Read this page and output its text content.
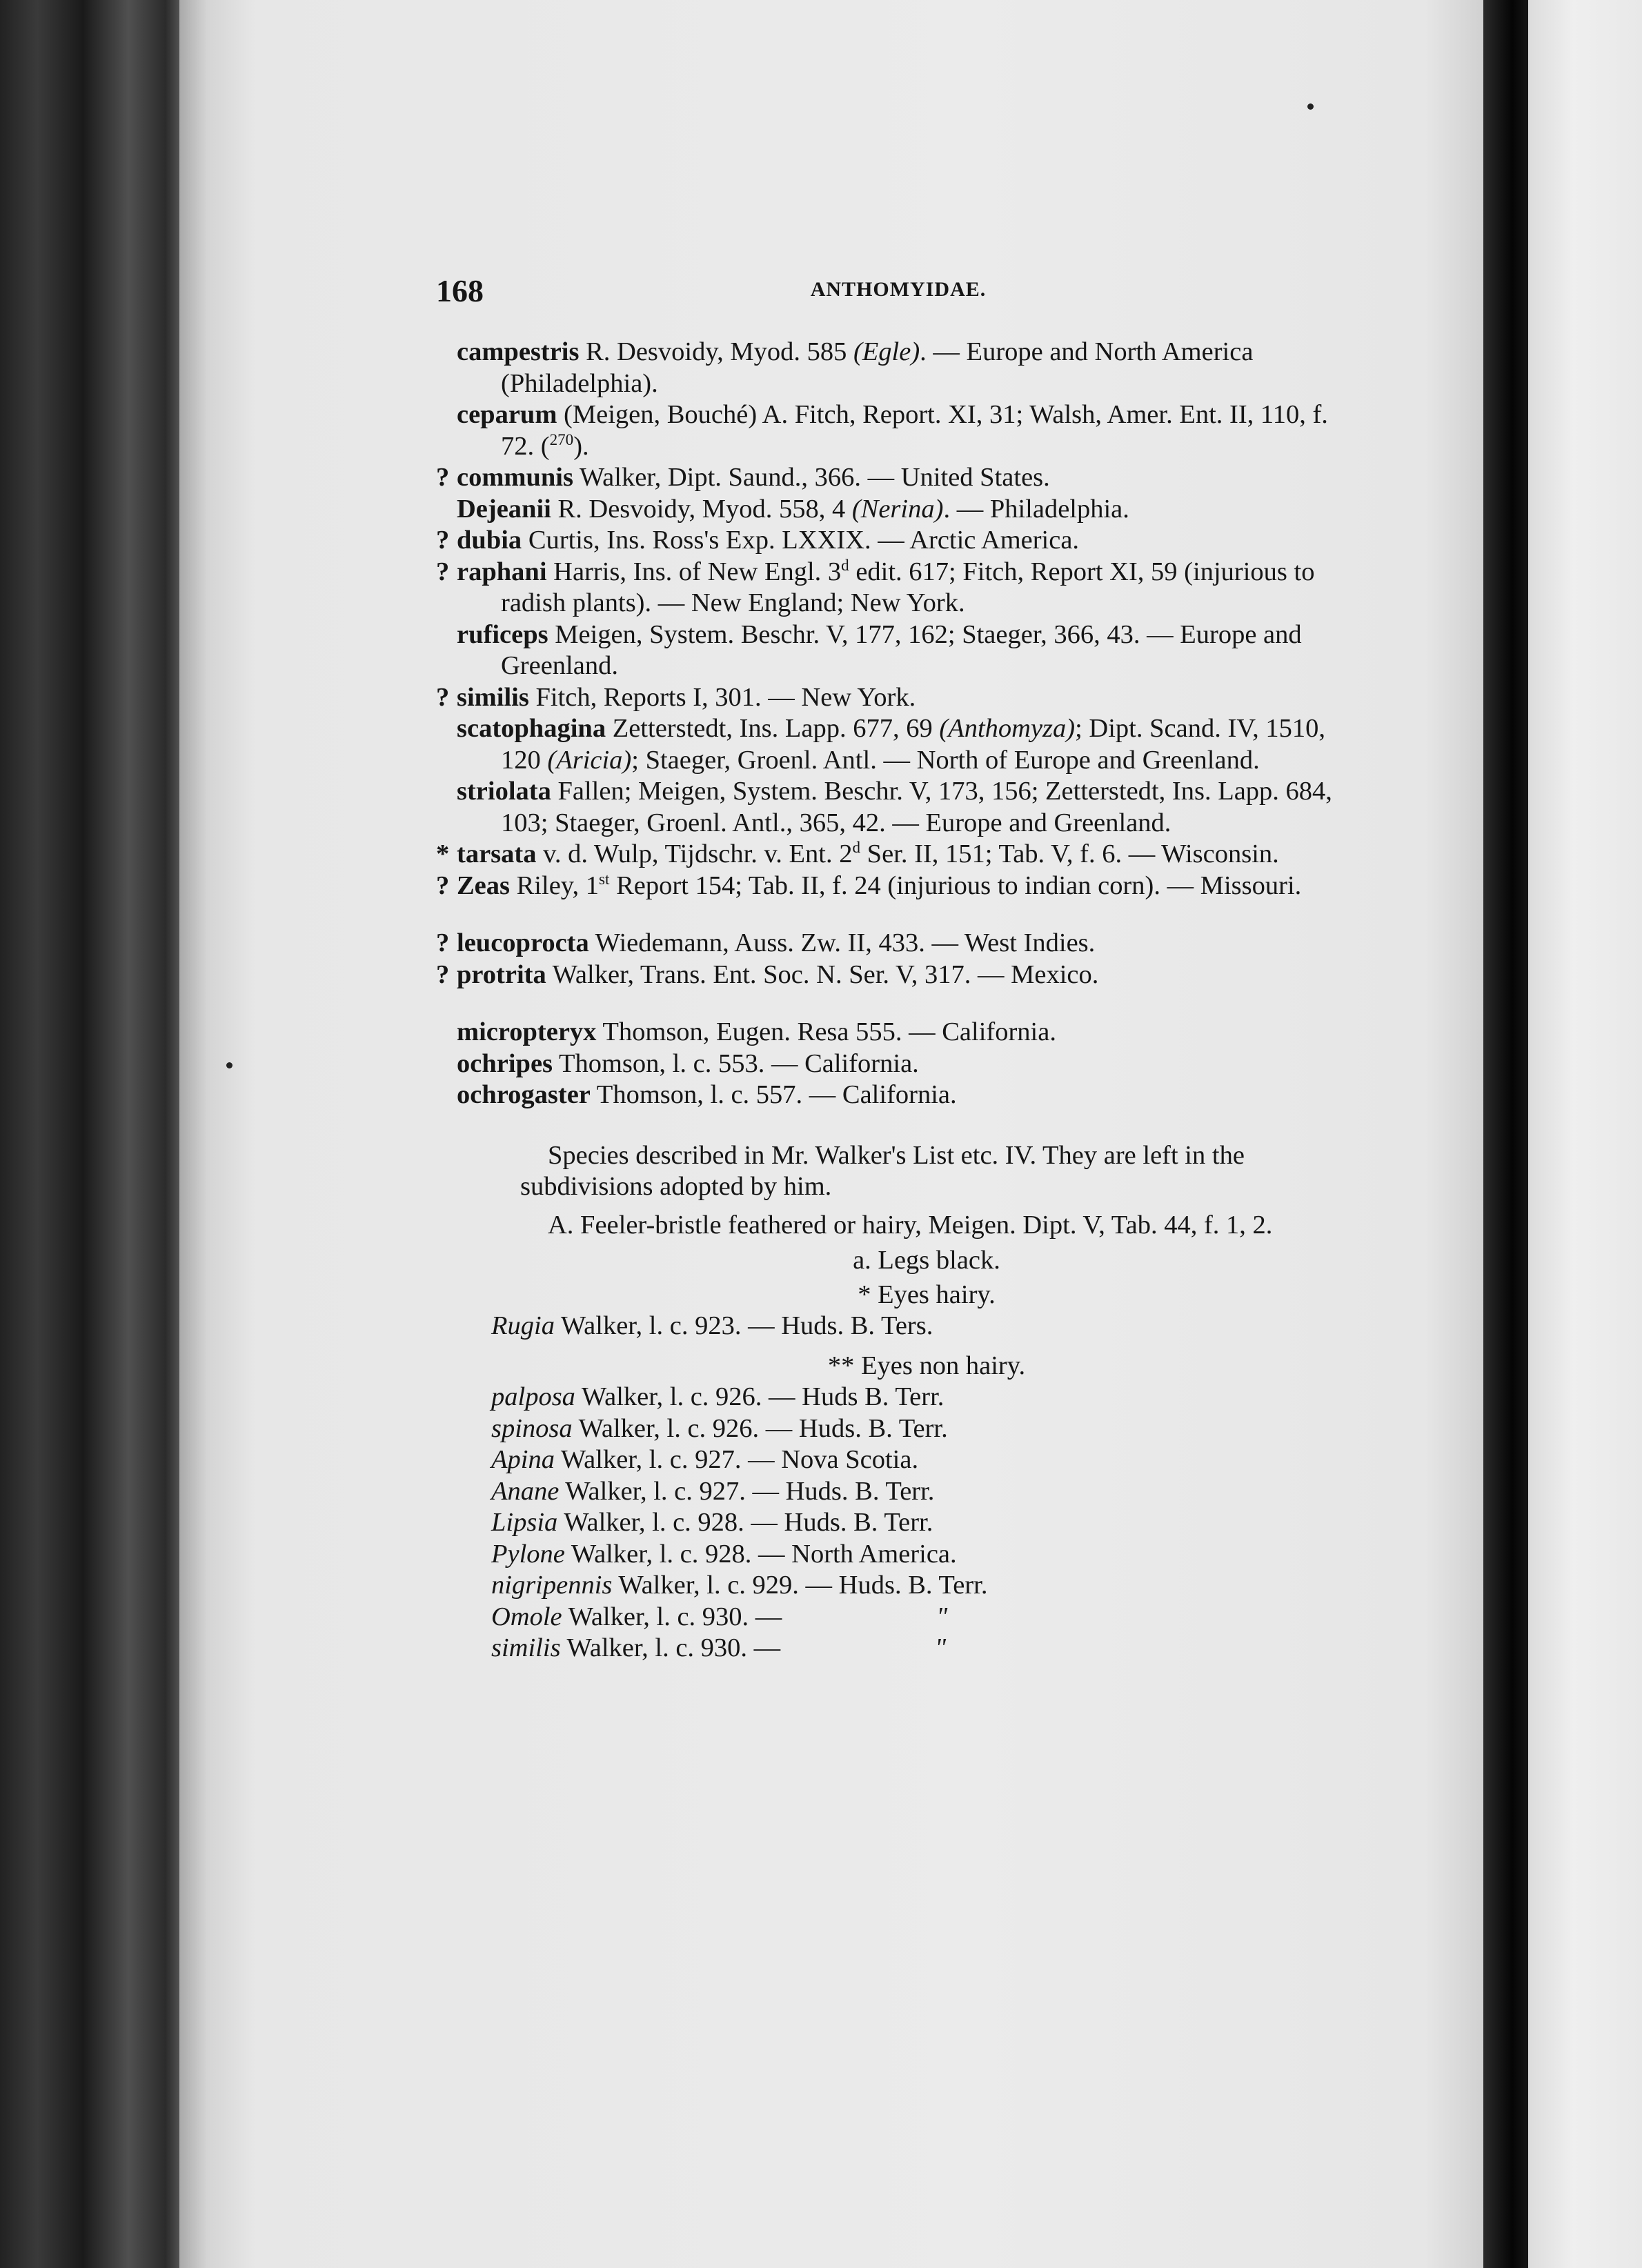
168	ANTHOMYIDAE.
campestris R. Desvoidy, Myod. 585 (Egle). — Europe and North America (Philadelphia).
ceparum (Meigen, Bouché) A. Fitch, Report. XI, 31; Walsh, Amer. Ent. II, 110, f. 72. ($^{270}$).
? communis Walker, Dipt. Saund., 366. — United States.
Dejeanii R. Desvoidy, Myod. 558, 4 (Nerina). — Philadelphia.
? dubia Curtis, Ins. Ross's Exp. LXXIX. — Arctic America.
? raphani Harris, Ins. of New Engl. 3$^d$ edit. 617; Fitch, Report XI, 59 (injurious to radish plants). — New England; New York.
ruficeps Meigen, System. Beschr. V, 177, 162; Staeger, 366, 43. — Europe and Greenland.
? similis Fitch, Reports I, 301. — New York.
scatophagina Zetterstedt, Ins. Lapp. 677, 69 (Anthomyza); Dipt. Scand. IV, 1510, 120 (Aricia); Staeger, Groenl. Antl. — North of Europe and Greenland.
striolata Fallen; Meigen, System. Beschr. V, 173, 156; Zetterstedt, Ins. Lapp. 684, 103; Staeger, Groenl. Antl., 365, 42. — Europe and Greenland.
* tarsata v. d. Wulp, Tijdschr. v. Ent. 2$^d$ Ser. II, 151; Tab. V, f. 6. — Wisconsin.
? Zeas Riley, 1st Report 154; Tab. II, f. 24 (injurious to indian corn). — Missouri.
? leucoprocta Wiedemann, Auss. Zw. II, 433. — West Indies.
? protrita Walker, Trans. Ent. Soc. N. Ser. V, 317. — Mexico.
micropteryx Thomson, Eugen. Resa 555. — California.
ochripes Thomson, l. c. 553. — California.
ochrogaster Thomson, l. c. 557. — California.
Species described in Mr. Walker's List etc. IV. They are left in the subdivisions adopted by him.
A. Feeler-bristle feathered or hairy, Meigen. Dipt. V, Tab. 44, f. 1, 2.
a. Legs black.
* Eyes hairy.
Rugia Walker, l. c. 923. — Huds. B. Ters.
** Eyes non hairy.
palposa Walker, l. c. 926. — Huds B. Terr.
spinosa Walker, l. c. 926. — Huds. B. Terr.
Apina Walker, l. c. 927. — Nova Scotia.
Anane Walker, l. c. 927. — Huds. B. Terr.
Lipsia Walker, l. c. 928. — Huds. B. Terr.
Pylone Walker, l. c. 928. — North America.
nigripennis Walker, l. c. 929. — Huds. B. Terr.
Omole Walker, l. c. 930. —	"
similis Walker, l. c. 930. —	"
